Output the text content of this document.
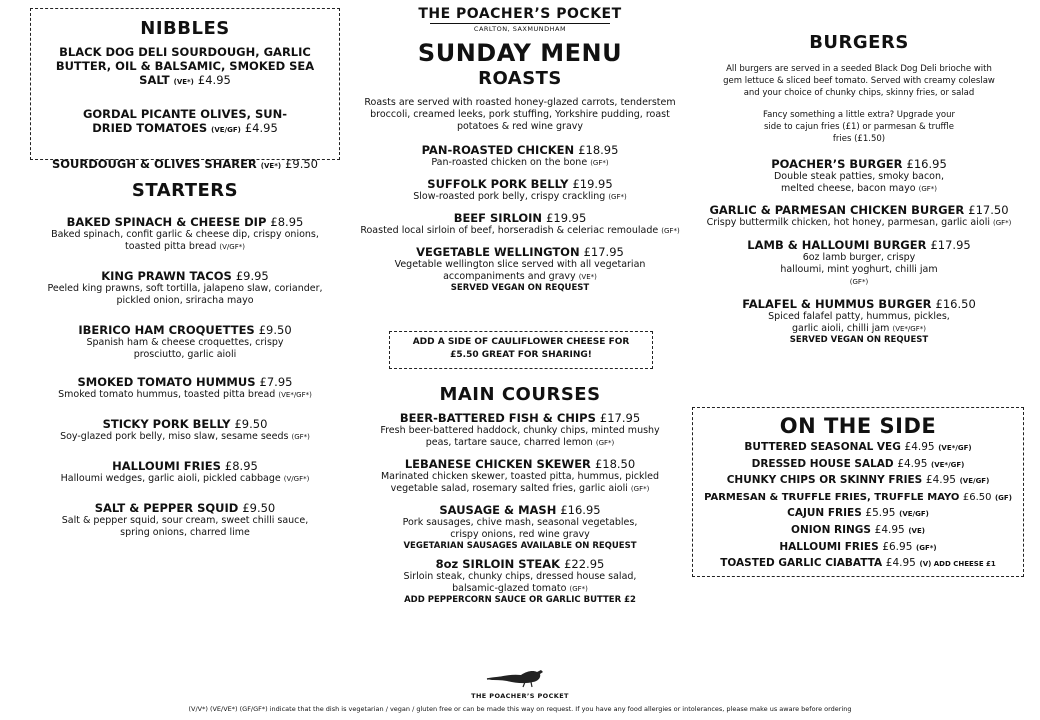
NIBBLES
BLACK DOG DELI SOURDOUGH, GARLIC BUTTER, OIL & BALSAMIC, SMOKED SEA SALT (VE*) £4.95
GORDAL PICANTE OLIVES, SUN-DRIED TOMATOES (VE/GF) £4.95
SOURDOUGH & OLIVES SHARER (VE*) £9.50
STARTERS
BAKED SPINACH & CHEESE DIP £8.95
Baked spinach, confit garlic & cheese dip, crispy onions, toasted pitta bread (V/GF*)
KING PRAWN TACOS £9.95
Peeled king prawns, soft tortilla, jalapeno slaw, coriander, pickled onion, sriracha mayo
IBERICO HAM CROQUETTES £9.50
Spanish ham & cheese croquettes, crispy prosciutto, garlic aioli
SMOKED TOMATO HUMMUS £7.95
Smoked tomato hummus, toasted pitta bread (VE*/GF*)
STICKY PORK BELLY £9.50
Soy-glazed pork belly, miso slaw, sesame seeds (GF*)
HALLOUMI FRIES £8.95
Halloumi wedges, garlic aioli, pickled cabbage (V/GF*)
SALT & PEPPER SQUID £9.50
Salt & pepper squid, sour cream, sweet chilli sauce, spring onions, charred lime
THE POACHER’S POCKET
CARLTON, SAXMUNDHAM
SUNDAY MENU
ROASTS
Roasts are served with roasted honey-glazed carrots, tenderstem broccoli, creamed leeks, pork stuffing, Yorkshire pudding, roast potatoes & red wine gravy
PAN-ROASTED CHICKEN £18.95
Pan-roasted chicken on the bone (GF*)
SUFFOLK PORK BELLY £19.95
Slow-roasted pork belly, crispy crackling (GF*)
BEEF SIRLOIN £19.95
Roasted local sirloin of beef, horseradish & celeriac remoulade (GF*)
VEGETABLE WELLINGTON £17.95
Vegetable wellington slice served with all vegetarian accompaniments and gravy (VE*)
SERVED VEGAN ON REQUEST
ADD A SIDE OF CAULIFLOWER CHEESE FOR £5.50 GREAT FOR SHARING!
MAIN COURSES
BEER-BATTERED FISH & CHIPS £17.95
Fresh beer-battered haddock, chunky chips, minted mushy peas, tartare sauce, charred lemon (GF*)
LEBANESE CHICKEN SKEWER £18.50
Marinated chicken skewer, toasted pitta, hummus, pickled vegetable salad, rosemary salted fries, garlic aioli (GF*)
SAUSAGE & MASH £16.95
Pork sausages, chive mash, seasonal vegetables, crispy onions, red wine gravy
VEGETARIAN SAUSAGES AVAILABLE ON REQUEST
8oz SIRLOIN STEAK £22.95
Sirloin steak, chunky chips, dressed house salad, balsamic-glazed tomato (GF*)
ADD PEPPERCORN SAUCE OR GARLIC BUTTER £2
THE POACHER’S POCKET
BURGERS
All burgers are served in a seeded Black Dog Deli brioche with gem lettuce & sliced beef tomato. Served with creamy coleslaw and your choice of chunky chips, skinny fries, or salad
Fancy something a little extra? Upgrade your side to cajun fries (£1) or parmesan & truffle fries (£1.50)
POACHER’S BURGER £16.95
Double steak patties, smoky bacon, melted cheese, bacon mayo (GF*)
GARLIC & PARMESAN CHICKEN BURGER £17.50
Crispy buttermilk chicken, hot honey, parmesan, garlic aioli (GF*)
LAMB & HALLOUMI BURGER £17.95
6oz lamb burger, crispy halloumi, mint yoghurt, chilli jam (GF*)
FALAFEL & HUMMUS BURGER £16.50
Spiced falafel patty, hummus, pickles, garlic aioli, chilli jam (VE*/GF*)
SERVED VEGAN ON REQUEST
ON THE SIDE
BUTTERED SEASONAL VEG £4.95 (VE*/GF)
DRESSED HOUSE SALAD £4.95 (VE*/GF)
CHUNKY CHIPS OR SKINNY FRIES £4.95 (VE/GF)
PARMESAN & TRUFFLE FRIES, TRUFFLE MAYO £6.50 (GF)
CAJUN FRIES £5.95 (VE/GF)
ONION RINGS £4.95 (VE)
HALLOUMI FRIES £6.95 (GF*)
TOASTED GARLIC CIABATTA £4.95 (V) ADD CHEESE £1
(V/V*) (VE/VE*) (GF/GF*) indicate that the dish is vegetarian / vegan / gluten free or can be made this way on request. If you have any food allergies or intolerances, please make us aware before ordering
